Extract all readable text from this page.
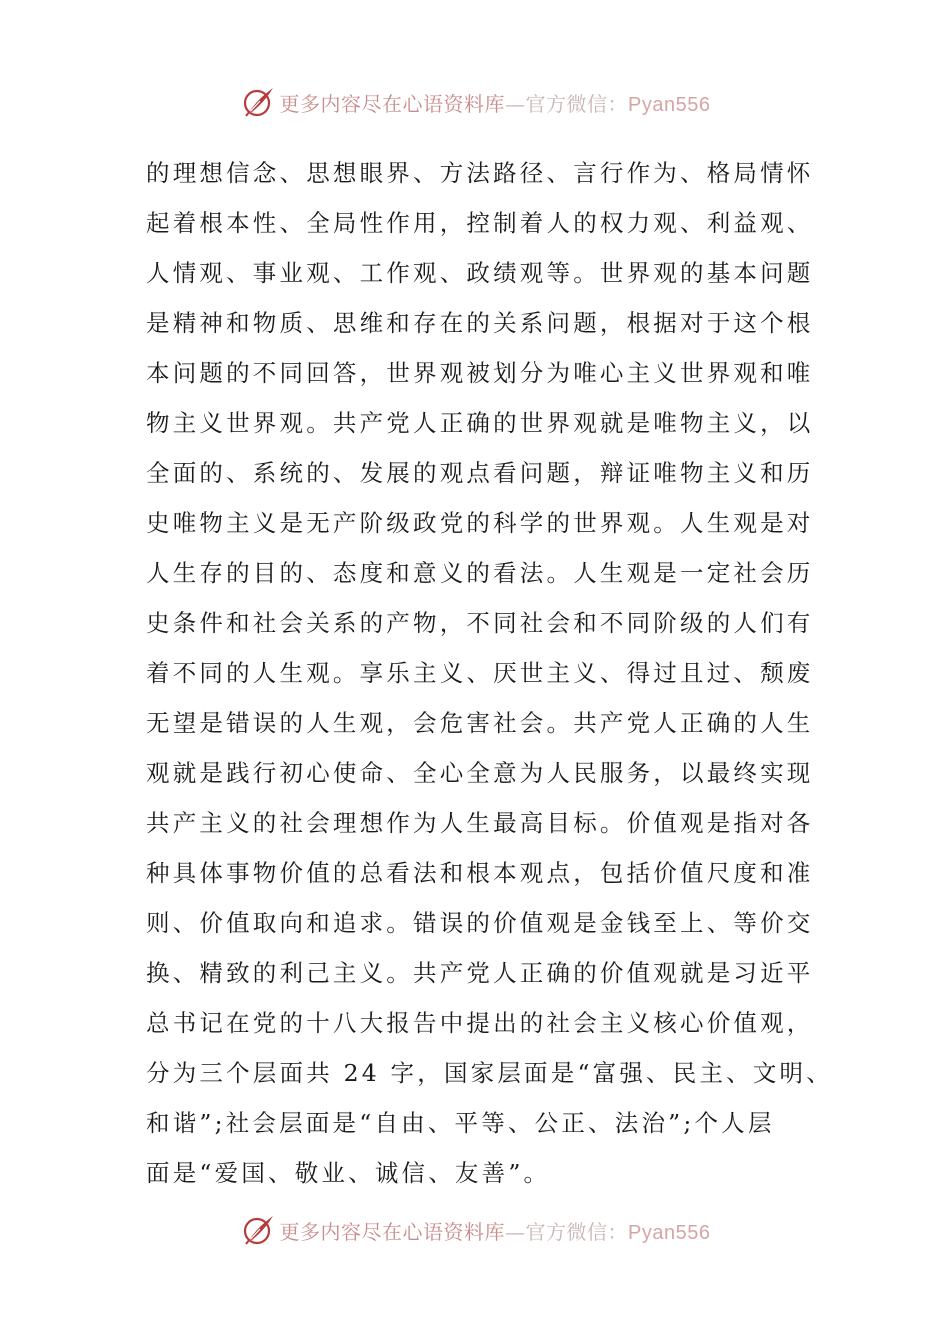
更多内容尽在心语资料库—官方微信：Pyan556
的理想信念、思想眼界、方法路径、言行作为、格局情怀
起着根本性、全局性作用，控制着人的权力观、利益观、
人情观、事业观、工作观、政绩观等。世界观的基本问题
是精神和物质、思维和存在的关系问题，根据对于这个根
本问题的不同回答，世界观被划分为唯心主义世界观和唯
物主义世界观。共产党人正确的世界观就是唯物主义，以
全面的、系统的、发展的观点看问题，辩证唯物主义和历
史唯物主义是无产阶级政党的科学的世界观。人生观是对
人生存的目的、态度和意义的看法。人生观是一定社会历
史条件和社会关系的产物，不同社会和不同阶级的人们有
着不同的人生观。享乐主义、厌世主义、得过且过、颓废
无望是错误的人生观，会危害社会。共产党人正确的人生
观就是践行初心使命、全心全意为人民服务，以最终实现
共产主义的社会理想作为人生最高目标。价值观是指对各
种具体事物价值的总看法和根本观点，包括价值尺度和准
则、价值取向和追求。错误的价值观是金钱至上、等价交
换、精致的利己主义。共产党人正确的价值观就是习近平
总书记在党的十八大报告中提出的社会主义核心价值观，
分为三个层面共 24 字，国家层面是“富强、民主、文明、
和谐”;社会层面是“自由、平等、公正、法治”;个人层
面是“爱国、敬业、诚信、友善”。
更多内容尽在心语资料库—官方微信：Pyan556
